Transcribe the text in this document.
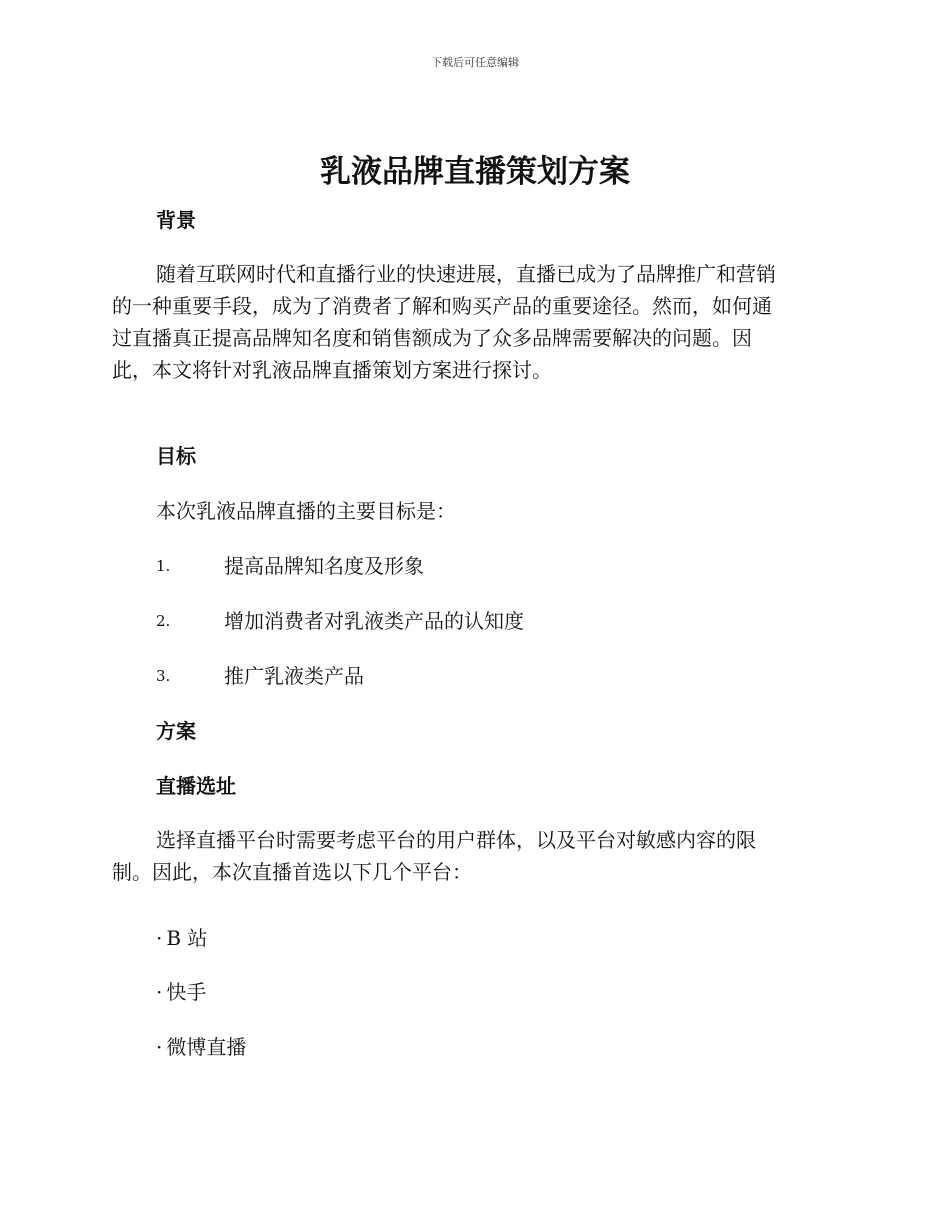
下载后可任意编辑
乳液品牌直播策划方案
背景
随着互联网时代和直播行业的快速进展，直播已成为了品牌推广和营销
的一种重要手段，成为了消费者了解和购买产品的重要途径。然而，如何通
过直播真正提高品牌知名度和销售额成为了众多品牌需要解决的问题。因
此，本文将针对乳液品牌直播策划方案进行探讨。
目标

本次乳液品牌直播的主要目标是：

1.	提高品牌知名度及形象
2.	增加消费者对乳液类产品的认知度
3.	推广乳液类产品
方案
直播选址
选择直播平台时需要考虑平台的用户群体，以及平台对敏感内容的限
制。因此，本次直播首选以下几个平台：
· B 站
· 快手
· 微博直播
